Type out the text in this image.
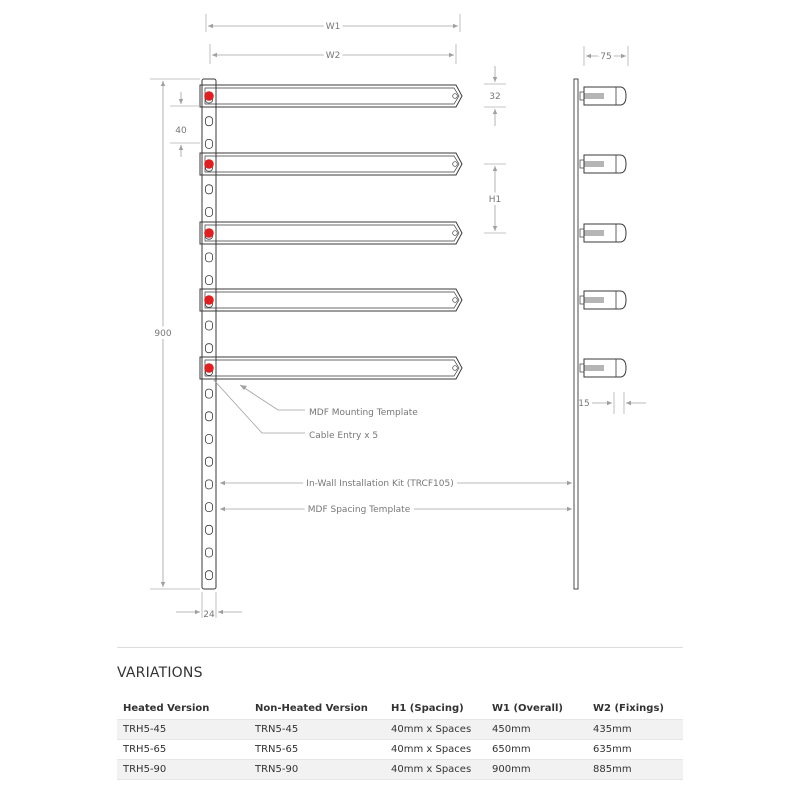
W1
W2
900
40
32
H1
24
MDF Mounting Template
Cable Entry x 5
In-Wall Installation Kit (TRCF105)
MDF Spacing Template
75
15
VARIATIONS
Heated Version	Non-Heated Version	H1 (Spacing)	W1 (Overall)	W2 (Fixings)
TRH5-45	TRN5-45	40mm x Spaces	450mm	435mm
TRH5-65	TRN5-65	40mm x Spaces	650mm	635mm
TRH5-90	TRN5-90	40mm x Spaces	900mm	885mm
